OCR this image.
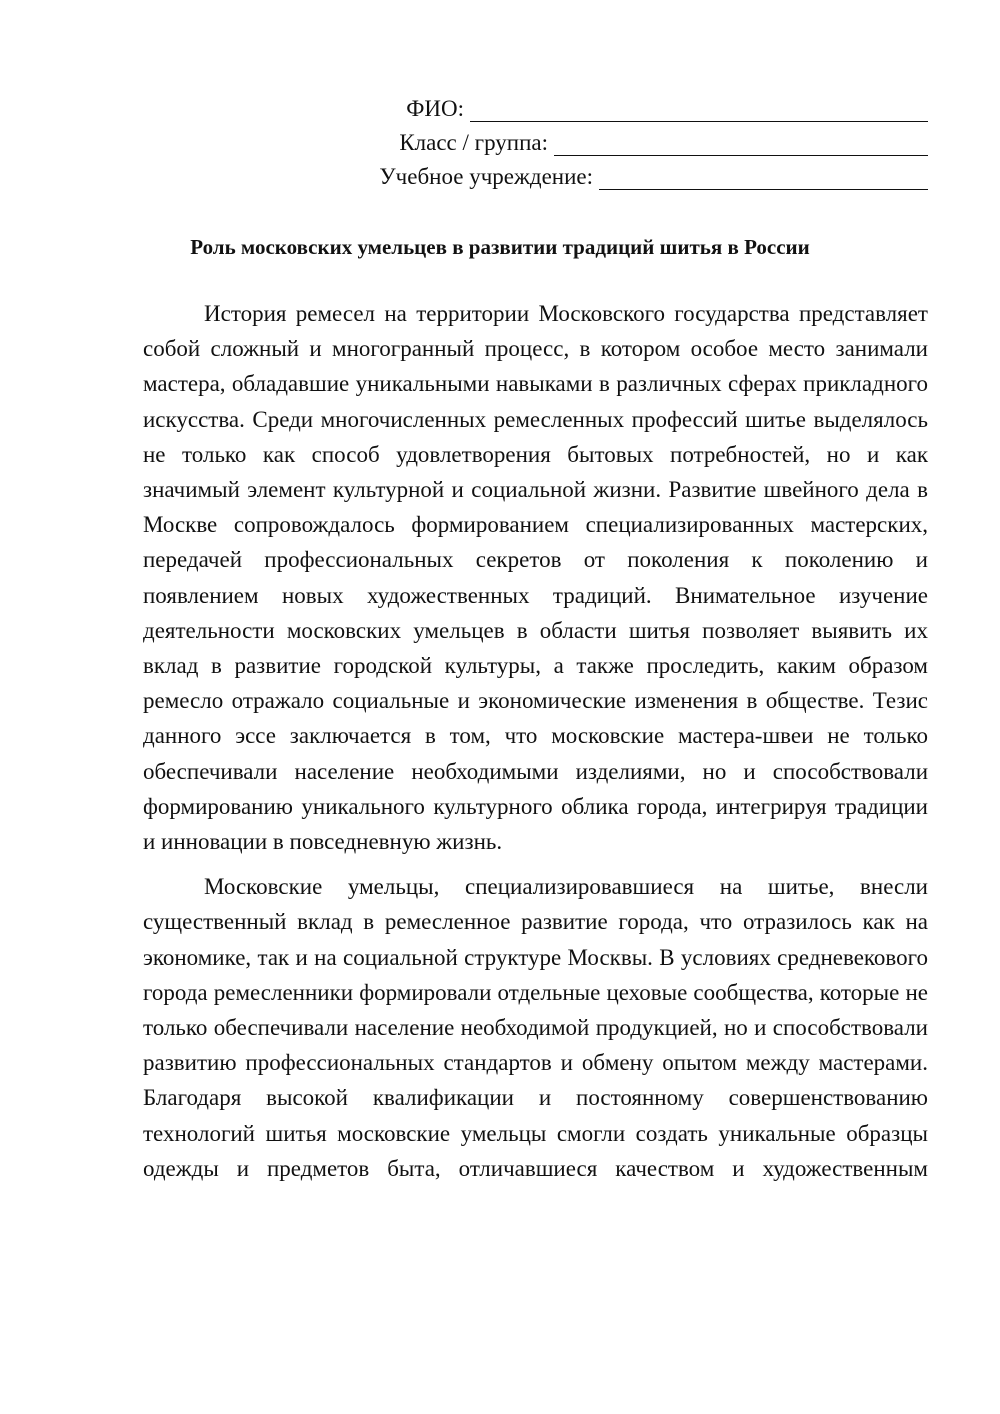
ФИО:
Класс / группа:
Учебное учреждение:
Роль московских умельцев в развитии традиций шитья в России

История ремесел на территории Московского государства представляет собой сложный и многогранный процесс, в котором особое место занимали мастера, обладавшие уникальными навыками в различных сферах прикладного искусства. Среди многочисленных ремесленных профессий шитье выделялось не только как способ удовлетворения бытовых потребностей, но и как значимый элемент культурной и социальной жизни. Развитие швейного дела в Москве сопровождалось формированием специализированных мастерских, передачей профессиональных секретов от поколения к поколению и появлением новых художественных традиций. Внимательное изучение деятельности московских умельцев в области шитья позволяет выявить их вклад в развитие городской культуры, а также проследить, каким образом ремесло отражало социальные и экономические изменения в обществе. Тезис данного эссе заключается в том, что московские мастера-швеи не только обеспечивали население необходимыми изделиями, но и способствовали формированию уникального культурного облика города, интегрируя традиции и инновации в повседневную жизнь.

Московские умельцы, специализировавшиеся на шитье, внесли существенный вклад в ремесленное развитие города, что отразилось как на экономике, так и на социальной структуре Москвы. В условиях средневекового города ремесленники формировали отдельные цеховые сообщества, которые не только обеспечивали население необходимой продукцией, но и способствовали развитию профессиональных стандартов и обмену опытом между мастерами. Благодаря высокой квалификации и постоянному совершенствованию технологий шитья московские умельцы смогли создать уникальные образцы одежды и предметов быта, отличавшиеся качеством и художественным
